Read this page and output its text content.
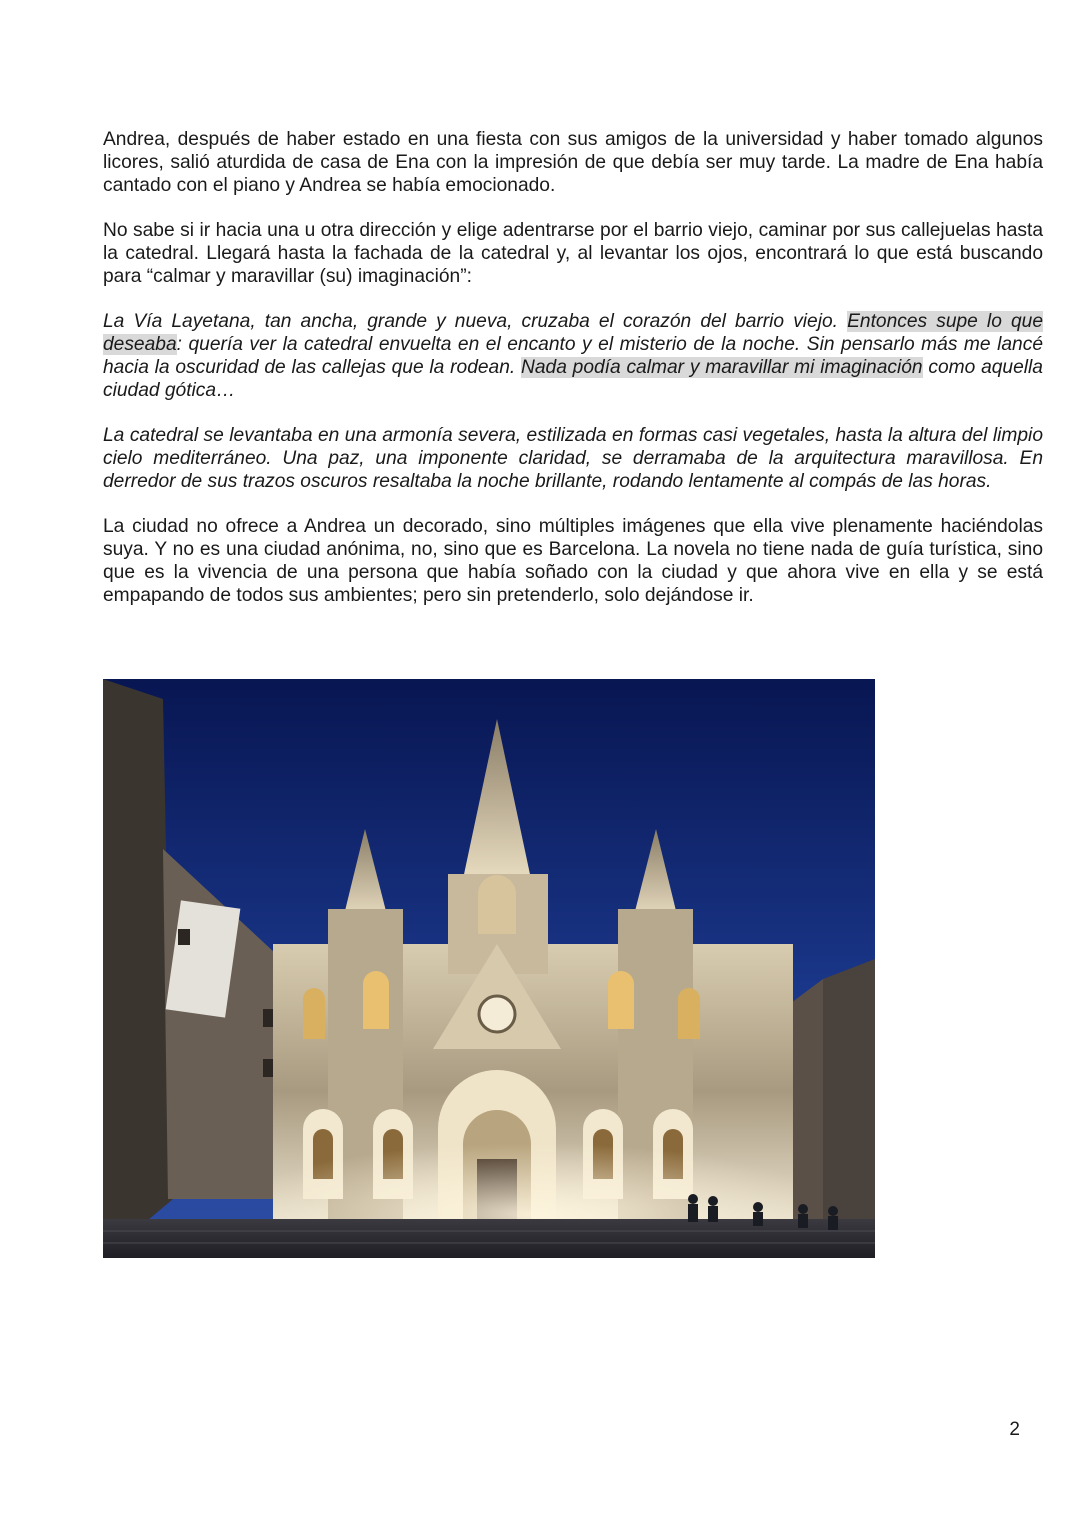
Andrea, después de haber estado en una fiesta con sus amigos de la universidad y haber tomado algunos licores, salió aturdida de casa de Ena con la impresión de que debía ser muy tarde. La madre de Ena había cantado con el piano y Andrea se había emocionado.

No sabe si ir hacia una u otra dirección y elige adentrarse por el barrio viejo, caminar por sus callejuelas hasta la catedral. Llegará hasta la fachada de la catedral y, al levantar los ojos, encontrará lo que está buscando para “calmar y maravillar (su) imaginación”:

La Vía Layetana, tan ancha, grande y nueva, cruzaba el corazón del barrio viejo. Entonces supe lo que deseaba: quería ver la catedral envuelta en el encanto y el misterio de la noche. Sin pensarlo más me lancé hacia la oscuridad de las callejas que la rodean. Nada podía calmar y maravillar mi imaginación como aquella ciudad gótica…

La catedral se levantaba en una armonía severa, estilizada en formas casi vegetales, hasta la altura del limpio cielo mediterráneo. Una paz, una imponente claridad, se derramaba de la arquitectura maravillosa. En derredor de sus trazos oscuros resaltaba la noche brillante, rodando lentamente al compás de las horas.

La ciudad no ofrece a Andrea un decorado, sino múltiples imágenes que ella vive plenamente haciéndolas suya. Y no es una ciudad anónima, no, sino que es Barcelona. La novela no tiene nada de guía turística, sino que es la vivencia de una persona que había soñado con la ciudad y que ahora vive en ella y se está empapando de todos sus ambientes; pero sin pretenderlo, solo dejándose ir.

2
